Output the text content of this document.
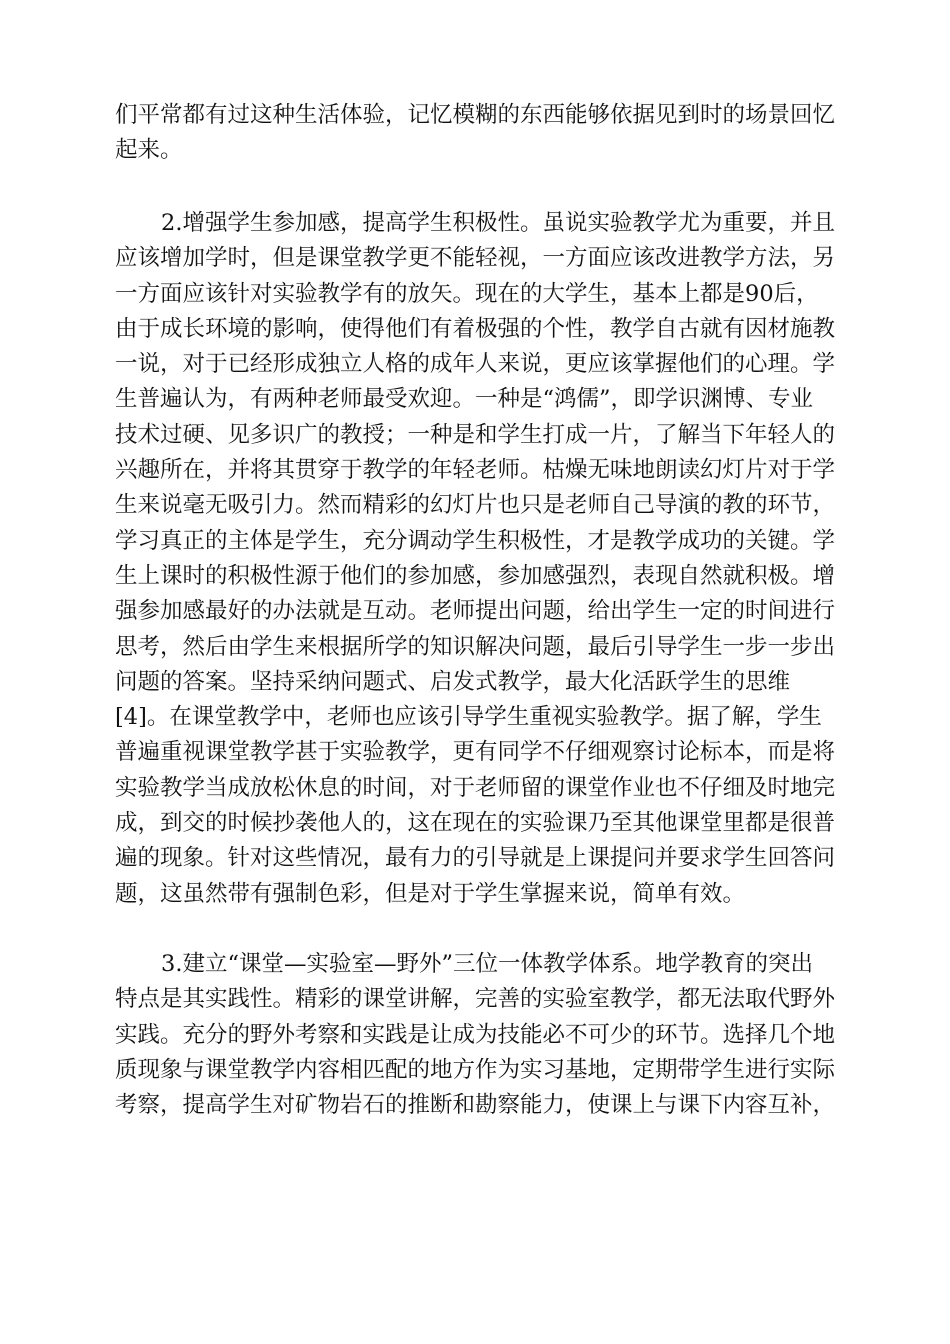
们平常都有过这种生活体验，记忆模糊的东西能够依据见到时的场景回忆
起来。
2.增强学生参加感，提高学生积极性。虽说实验教学尤为重要，并且
应该增加学时，但是课堂教学更不能轻视，一方面应该改进教学方法，另
一方面应该针对实验教学有的放矢。现在的大学生，基本上都是90后，
由于成长环境的影响，使得他们有着极强的个性，教学自古就有因材施教
一说，对于已经形成独立人格的成年人来说，更应该掌握他们的心理。学
生普遍认为，有两种老师最受欢迎。一种是“鸿儒”，即学识渊博、专业
技术过硬、见多识广的教授；一种是和学生打成一片，了解当下年轻人的
兴趣所在，并将其贯穿于教学的年轻老师。枯燥无味地朗读幻灯片对于学
生来说毫无吸引力。然而精彩的幻灯片也只是老师自己导演的教的环节，
学习真正的主体是学生，充分调动学生积极性，才是教学成功的关键。学
生上课时的积极性源于他们的参加感，参加感强烈，表现自然就积极。增
强参加感最好的办法就是互动。老师提出问题，给出学生一定的时间进行
思考，然后由学生来根据所学的知识解决问题，最后引导学生一步一步出
问题的答案。坚持采纳问题式、启发式教学，最大化活跃学生的思维
[4]。在课堂教学中，老师也应该引导学生重视实验教学。据了解，学生
普遍重视课堂教学甚于实验教学，更有同学不仔细观察讨论标本，而是将
实验教学当成放松休息的时间，对于老师留的课堂作业也不仔细及时地完
成，到交的时候抄袭他人的，这在现在的实验课乃至其他课堂里都是很普
遍的现象。针对这些情况，最有力的引导就是上课提问并要求学生回答问
题，这虽然带有强制色彩，但是对于学生掌握来说，简单有效。
3.建立“课堂—实验室—野外”三位一体教学体系。地学教育的突出
特点是其实践性。精彩的课堂讲解，完善的实验室教学，都无法取代野外
实践。充分的野外考察和实践是让成为技能必不可少的环节。选择几个地
质现象与课堂教学内容相匹配的地方作为实习基地，定期带学生进行实际
考察，提高学生对矿物岩石的推断和勘察能力，使课上与课下内容互补，
